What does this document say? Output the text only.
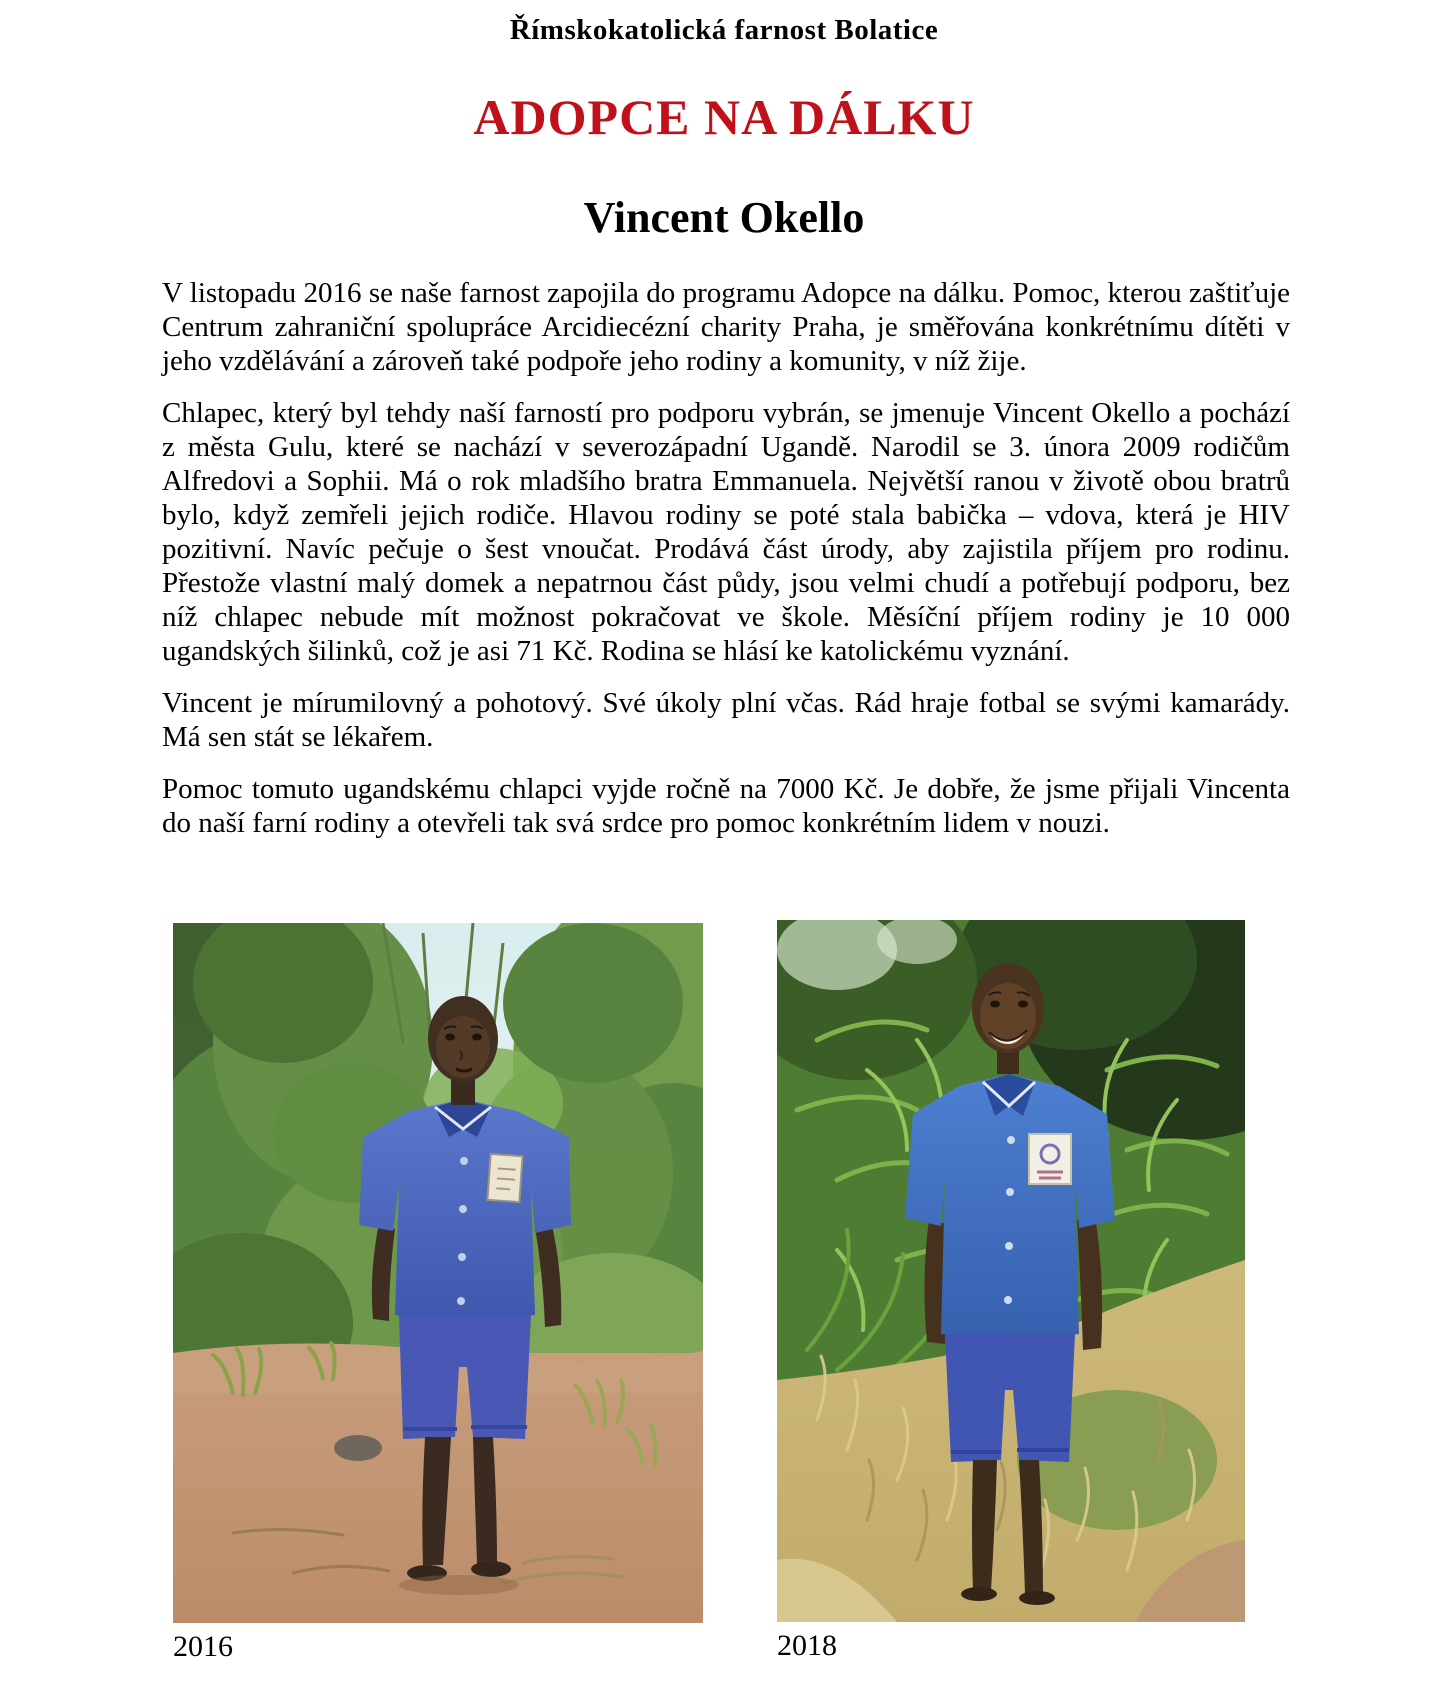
Římskokatolická farnost Bolatice
ADOPCE NA DÁLKU
Vincent Okello

V listopadu 2016 se naše farnost zapojila do programu Adopce na dálku. Pomoc, kterou zaštiťuje Centrum zahraniční spolupráce Arcidiecézní charity Praha, je směřována konkrétnímu dítěti v jeho vzdělávání a zároveň také podpoře jeho rodiny a komunity, v níž žije.

Chlapec, který byl tehdy naší farností pro podporu vybrán, se jmenuje Vincent Okello a pochází z města Gulu, které se nachází v severozápadní Ugandě. Narodil se 3. února 2009 rodičům Alfredovi a Sophii. Má o rok mladšího bratra Emmanuela. Největší ranou v životě obou bratrů bylo, když zemřeli jejich rodiče. Hlavou rodiny se poté stala babička – vdova, která je HIV pozitivní. Navíc pečuje o šest vnoučat. Prodává část úrody, aby zajistila příjem pro rodinu. Přestože vlastní malý domek a nepatrnou část půdy, jsou velmi chudí a potřebují podporu, bez níž chlapec nebude mít možnost pokračovat ve škole. Měsíční příjem rodiny je 10 000 ugandských šilinků, což je asi 71 Kč. Rodina se hlásí ke katolickému vyznání.

Vincent je mírumilovný a pohotový. Své úkoly plní včas. Rád hraje fotbal se svými kamarády. Má sen stát se lékařem.

Pomoc tomuto ugandskému chlapci vyjde ročně na 7000 Kč. Je dobře, že jsme přijali Vincenta do naší farní rodiny a otevřeli tak svá srdce pro pomoc konkrétním lidem v nouzi.

2016	2018
